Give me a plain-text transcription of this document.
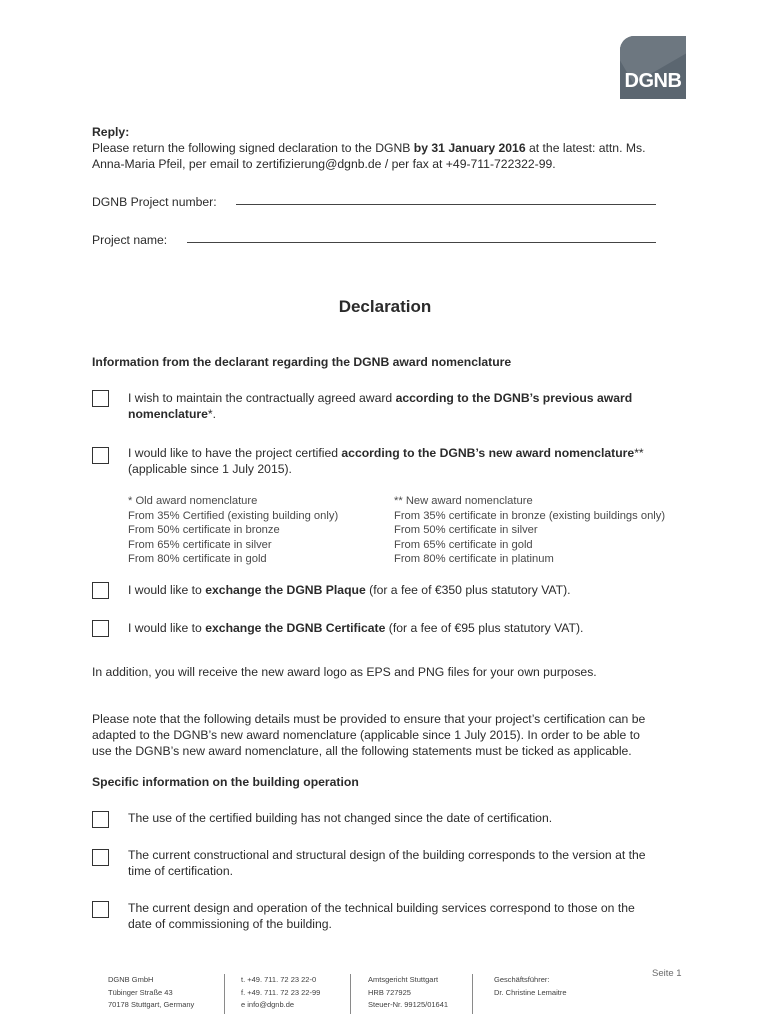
DGNB
Reply:
Please return the following signed declaration to the DGNB by 31 January 2016 at the latest: attn. Ms.
Anna-Maria Pfeil, per email to zertifizierung@dgnb.de / per fax at +49-711-722322-99.
DGNB Project number:
Project name:
Declaration
Information from the declarant regarding the DGNB award nomenclature
I wish to maintain the contractually agreed award according to the DGNB’s previous award
nomenclature*.
I would like to have the project certified according to the DGNB’s new award nomenclature**
(applicable since 1 July 2015).
* Old award nomenclature
From 35% Certified (existing building only)
From 50% certificate in bronze
From 65% certificate in silver
From 80% certificate in gold
** New award nomenclature
From 35% certificate in bronze (existing buildings only)
From 50% certificate in silver
From 65% certificate in gold
From 80% certificate in platinum
I would like to exchange the DGNB Plaque (for a fee of €350 plus statutory VAT).
I would like to exchange the DGNB Certificate (for a fee of €95 plus statutory VAT).
In addition, you will receive the new award logo as EPS and PNG files for your own purposes.
Please note that the following details must be provided to ensure that your project’s certification can be
adapted to the DGNB’s new award nomenclature (applicable since 1 July 2015). In order to be able to
use the DGNB’s new award nomenclature, all the following statements must be ticked as applicable.
Specific information on the building operation
The use of the certified building has not changed since the date of certification.
The current constructional and structural design of the building corresponds to the version at the
time of certification.
The current design and operation of the technical building services correspond to those on the
date of commissioning of the building.
Seite 1
DGNB GmbH
Tübinger Straße 43
70178 Stuttgart, Germany
t. +49. 711. 72 23 22-0
f. +49. 711. 72 23 22-99
e info@dgnb.de
Amtsgericht Stuttgart
HRB 727925
Steuer-Nr. 99125/01641
Geschäftsführer:
Dr. Christine Lemaitre
